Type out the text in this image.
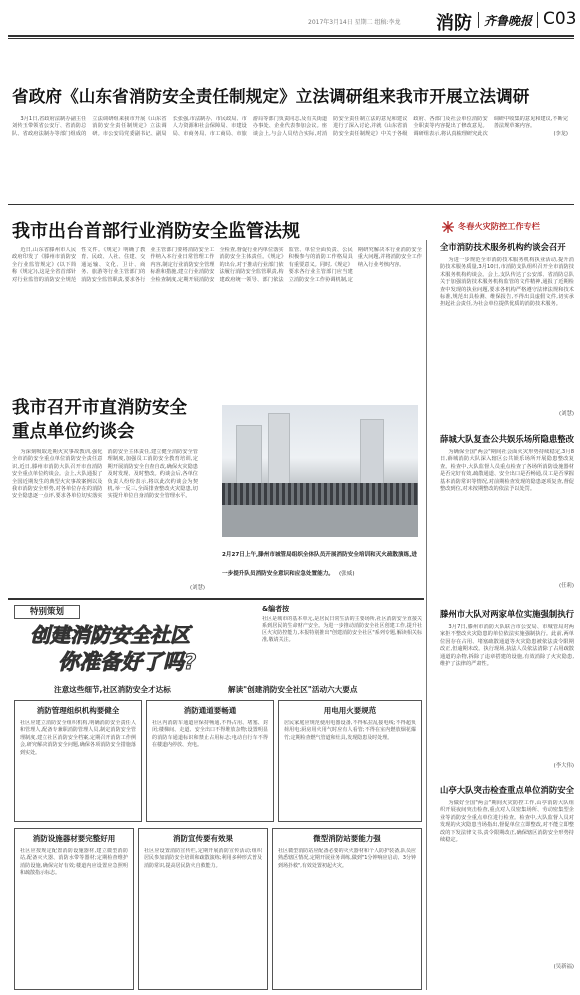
2017年3月14日 星期二 组稿:李龙 消防 齐鲁晚报 C03
省政府《山东省消防安全责任制规定》立法调研组来我市开展立法调研

3月1日,省政府法制办副主任刘传玉带领省公安厅、省消防总队、省政府法制办等部门组成的立法调研组来我市开展《山东省消防安全责任制规定》立法调研。市公安局党委副书记、副局长张强,市法制办、市民政局、市人力资源和社会保障局、市建设局、市商务局、市工商局、市旅游局等部门负责同志,及有关街道办事处、企业代表参加会议。座谈会上,与会人员结合实际,对消防安全责任制立法的意见和建议进行了深入讨论,并就《山东省消防安全责任制规定》中关于各级政府、各部门及社会单位消防安全职责等内容提出了修改意见。调研组表示,将认真梳理研究此次调研中收集的意见和建议,不断完善法规草案内容。

(李龙)

我市出台首部行业消防安全监管法规	冬春火灾防控工作专栏

近日,山东省滕州市人民政府印发了《滕州市消防安全行业监管规定》(以下简称《规定》),这是全省首部针对行业监管的消防安全规范性文件。《规定》明确了教育、民政、人社、住建、交通运输、文化、卫计、商务、旅游等行业主管部门的消防安全监管职责,要求各行业主管部门要将消防安全工作纳入本行业日常管理工作内容,制定行业消防安全管理标准和措施,建立行业消防安全检查制度,定期开展消防安全检查,督促行业内单位落实消防安全主体责任。《规定》的出台,对于推动行业部门依法履行消防安全监管职责,构建政府统一领导、部门依法监管、单位全面负责、公民积极参与的消防工作格局具有重要意义。同时,《规定》要求各行业主管部门应当建立消防安全工作协调机制,定期研究解决本行业消防安全重大问题,并将消防安全工作纳入行业考核内容。

我市召开市直消防安全重点单位约谈会

为深刻吸取近期火灾事故教训,强化全市消防安全重点单位消防安全责任意识,近日,滕州市消防大队召开市直消防安全重点单位约谈会。会上,大队通报了全国近期发生的典型火灾事故案例以及我市消防安全形势,对各单位存在的消防安全隐患逐一点评,要求各单位切实落实消防安全主体责任,建立健全消防安全管理制度,加强员工消防安全教育培训,定期开展消防安全自查自改,确保火灾隐患及时发现、及时整改。约谈会后,各单位负责人纷纷表示,将以此次约谈会为契机,举一反三,全面排查整改火灾隐患,切实提升单位自身消防安全管理水平。

(刘慧)
2月27日上午,滕州市城管局组织全体队员开展消防安全培训和灭火疏散演练,进一步提升队员消防安全意识和应急处置能力。 (张威)
全市消防技术服务机构约谈会召开

为进一步规范全市消防技术服务机构执业活动,提升消防技术服务质量,3月10日,市消防支队组织召开全市消防技术服务机构约谈会。会上,支队传达了公安部、省消防总队关于加强消防技术服务机构监管的文件精神,通报了近期检查中发现的执业问题,要求各机构严格遵守法律法规和技术标准,规范出具检测、维保报告,不得出具虚假文件,切实承担起社会责任,为社会单位提供优质的消防技术服务。

(刘慧)
薛城大队复查公共娱乐场所隐患整改

为确保全国"两会"期间社会面火灾形势持续稳定,3月8日,薛城消防大队深入辖区公共娱乐场所开展隐患整改复查。检查中,大队监督人员重点检查了各场所消防设施器材是否完好有效,疏散通道、安全出口是否畅通,员工是否掌握基本消防常识等情况,对前期检查发现的隐患逐项复查,督促整改到位,对未按期整改的依法予以处罚。

(任莉)
滕州市大队对两家单位实施强制执行

3月7日,滕州市消防大队联合市公安局、市城管局对两家拒不整改火灾隐患的单位依法实施强制执行。此前,两单位因存在占用、堵塞疏散通道等火灾隐患被依法责令限期改正,但逾期未改。执行现场,执法人员依法清除了占用疏散通道的杂物,拆除了违章搭建的设施,有效消除了火灾隐患,维护了法律的严肃性。

(李大伟)
山亭大队突击检查重点单位消防安全

为做好全国"两会"期间火灾防控工作,山亭消防大队组织开展夜间突击检查,重点对人员密集场所、劳动密集型企业等消防安全重点单位进行检查。检查中,大队监督人员对发现的火灾隐患当场指出,督促单位立即整改,对不能立即整改的下发法律文书,责令限期改正,确保辖区消防安全形势持续稳定。

(吴新福)
特别策划
创建消防安全社区
你准备好了吗?
&编者按
社区是城市的基本单元,是居民日常生活的主要场所,社区消防安全直接关系到居民的生命财产安全。为进一步推动消防安全社区创建工作,提升社区火灾防控能力,本报特别推出"创建消防安全社区"系列专题,解读相关标准,敬请关注。
注意这些细节,社区消防安全才达标	解读"创建消防安全社区"活动六大要点
消防管理组织机构要健全
社区应建立消防安全组织机构,明确消防安全责任人和管理人,配备专兼职消防管理人员,制定消防安全管理制度,建立社区消防安全档案,定期召开消防工作例会,研究解决消防安全问题,确保各项消防安全措施落到实处。
消防通道要畅通
社区内消防车通道应保持畅通,不得占用、堵塞、封闭;楼梯间、走道、安全出口不得堆放杂物;设置明显的消防车通道标识和禁止占用标志;电动自行车不得在楼道内停放、充电。
用电用火要规范
居民家庭应规范使用电器设备,不得私拉乱接电线;不得超负荷用电;厨房用火用气时应有人看管;不得在室内燃放烟花爆竹;定期检查燃气管道和灶具,发现隐患及时处理。
消防设施器材要完整好用
社区应按规定配置消防设施器材,建立微型消防站,配备灭火器、消防水带等器材;定期检查维护消防设施,确保完好有效;楼道内应设置应急照明和疏散指示标志。
消防宣传要有效果
社区应设置消防宣传栏,定期开展消防宣传活动;组织居民参加消防安全培训和疏散演练;利用多种形式普及消防常识,提高居民防火自救能力。
微型消防站要能力强
社区微型消防站应配备必要的灭火器材和个人防护装备,队员应熟悉辖区情况,定期开展业务训练,做到"1分钟响应启动、3分钟到场扑救",有效处置初起火灾。
